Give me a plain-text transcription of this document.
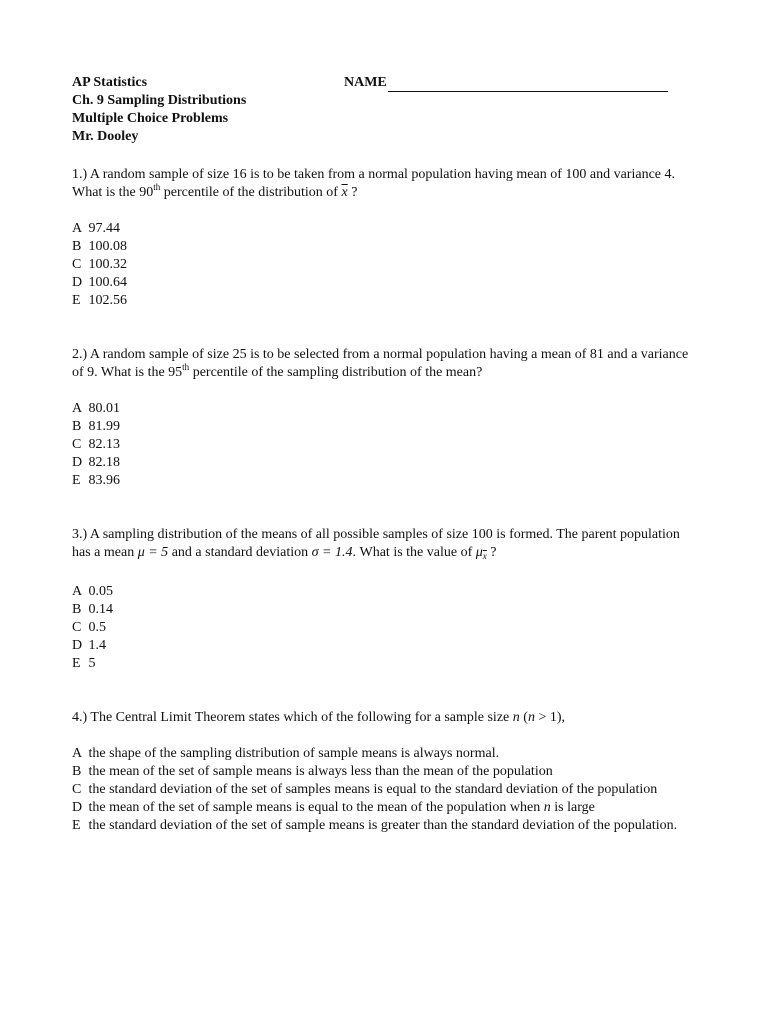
AP Statistics
Ch. 9 Sampling Distributions
Multiple Choice Problems
Mr. Dooley
NAME

1.) A random sample of size 16 is to be taken from a normal population having mean of 100 and variance 4. What is the 90th percentile of the distribution of $\overline{x}$ ?

A 97.44
B 100.08
C 100.32
D 100.64
E 102.56

2.) A random sample of size 25 is to be selected from a normal population having a mean of 81 and a variance of 9. What is the 95th percentile of the sampling distribution of the mean?

A 80.01
B 81.99
C 82.13
D 82.18
E 83.96

3.) A sampling distribution of the means of all possible samples of size 100 is formed. The parent population has a mean μ = 5 and a standard deviation σ = 1.4. What is the value of $\mu_{\overline{x}}$ ?

A 0.05
B 0.14
C 0.5
D 1.4
E 5

4.) The Central Limit Theorem states which of the following for a sample size n (n > 1),

A the shape of the sampling distribution of sample means is always normal.
B the mean of the set of sample means is always less than the mean of the population
C the standard deviation of the set of samples means is equal to the standard deviation of the population
D the mean of the set of sample means is equal to the mean of the population when n is large
E the standard deviation of the set of sample means is greater than the standard deviation of the population.
